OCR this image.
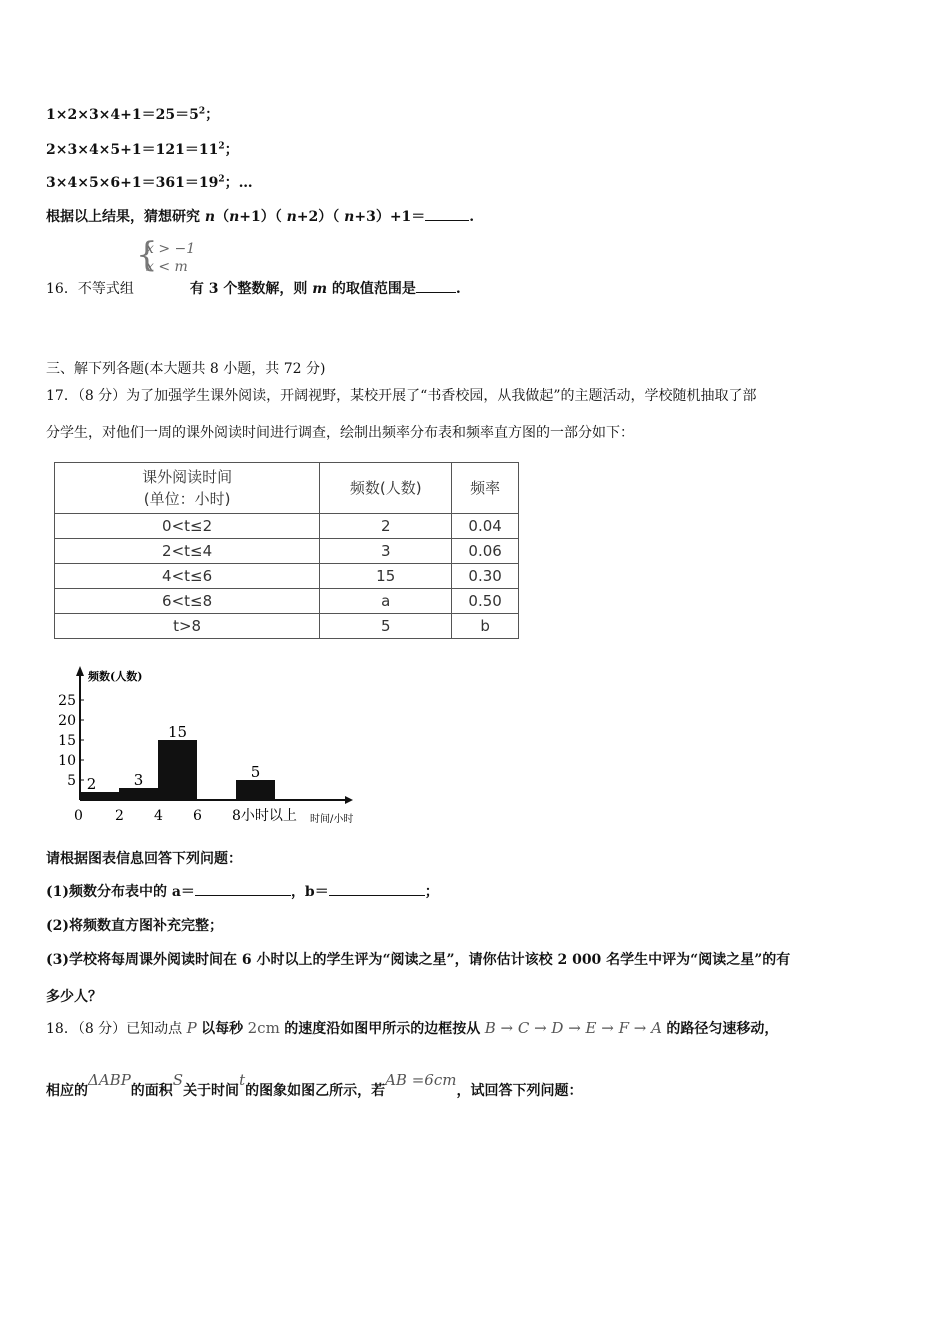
$1\times 2\times 3\times 4+1=25=5^2$；
$2\times 3\times 4\times 5+1=121=11^2$；
$3\times 4\times 5\times 6+1=361=19^2$；…
根据以上结果，猜想研究 n（n+1）（ n+2）（ n+3）+1＝	.
{
x > −1
x < m
16．不等式组	有 3 个整数解，则 m 的取值范围是	.
三、解下列各题(本大题共 8 小题，共 72 分)
17．（8 分）为了加强学生课外阅读，开阔视野，某校开展了“书香校园，从我做起”的主题活动，学校随机抽取了部
分学生，对他们一周的课外阅读时间进行调查，绘制出频率分布表和频率直方图的一部分如下：
课外阅读时间
(单位：小时)	频数(人数)	频率
0<t≤2	2	0.04
2<t≤4	3	0.06
4<t≤6	15	0.30
6<t≤8	a	0.50
t>8	5	b
频数(人数)
时间/小时
5
10
15
20
25
0 2 4 6 8小时以上
2 3
15
5
请根据图表信息回答下列问题：
(1)频数分布表中的 a＝	，b＝	；
(2)将频数直方图补充完整；
(3)学校将每周课外阅读时间在 6 小时以上的学生评为“阅读之星”，请你估计该校 2 000 名学生中评为“阅读之星”的有
多少人？
18．（8 分）已知动点 P 以每秒 2cm 的速度沿如图甲所示的边框按从 B → C → D → E → F → A 的路径匀速移动，
相应的ΔABP的面积S关于时间t的图象如图乙所示，若AB =6cm，试回答下列问题：
